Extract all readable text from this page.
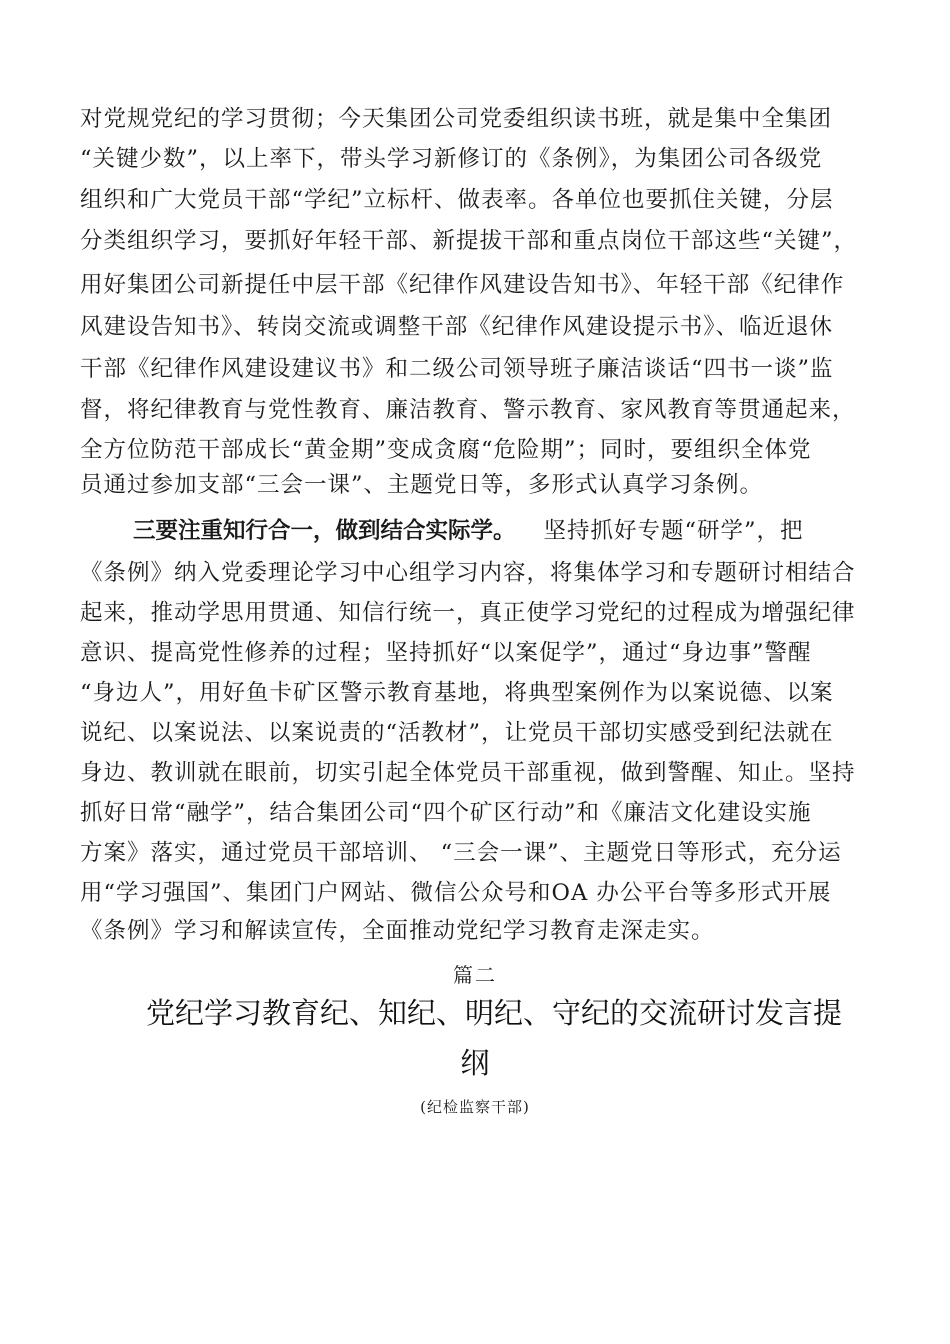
对党规党纪的学习贯彻；今天集团公司党委组织读书班，就是集中全集团
“关键少数”，以上率下，带头学习新修订的《条例》，为集团公司各级党
组织和广大党员干部“学纪”立标杆、做表率。各单位也要抓住关键，分层
分类组织学习，要抓好年轻干部、新提拔干部和重点岗位干部这些“关键”，
用好集团公司新提任中层干部《纪律作风建设告知书》、年轻干部《纪律作
风建设告知书》、转岗交流或调整干部《纪律作风建设提示书》、临近退休
干部《纪律作风建设建议书》和二级公司领导班子廉洁谈话“四书一谈”监
督，将纪律教育与党性教育、廉洁教育、警示教育、家风教育等贯通起来，
全方位防范干部成长“黄金期”变成贪腐“危险期”；同时，要组织全体党
员通过参加支部“三会一课”、主题党日等，多形式认真学习条例。
三要注重知行合一，做到结合实际学。 坚持抓好专题“研学”，把
《条例》纳入党委理论学习中心组学习内容，将集体学习和专题研讨相结合
起来，推动学思用贯通、知信行统一，真正使学习党纪的过程成为增强纪律
意识、提高党性修养的过程；坚持抓好“以案促学”，通过“身边事”警醒
“身边人”，用好鱼卡矿区警示教育基地，将典型案例作为以案说德、以案
说纪、以案说法、以案说责的“活教材”，让党员干部切实感受到纪法就在
身边、教训就在眼前，切实引起全体党员干部重视，做到警醒、知止。坚持
抓好日常“融学”，结合集团公司“四个矿区行动”和《廉洁文化建设实施
方案》落实，通过党员干部培训、 “三会一课”、主题党日等形式，充分运
用“学习强国”、集团门户网站、微信公众号和OA 办公平台等多形式开展
《条例》学习和解读宣传，全面推动党纪学习教育走深走实。
篇二
党纪学习教育纪、知纪、明纪、守纪的交流研讨发言提
纲
(纪检监察干部)
